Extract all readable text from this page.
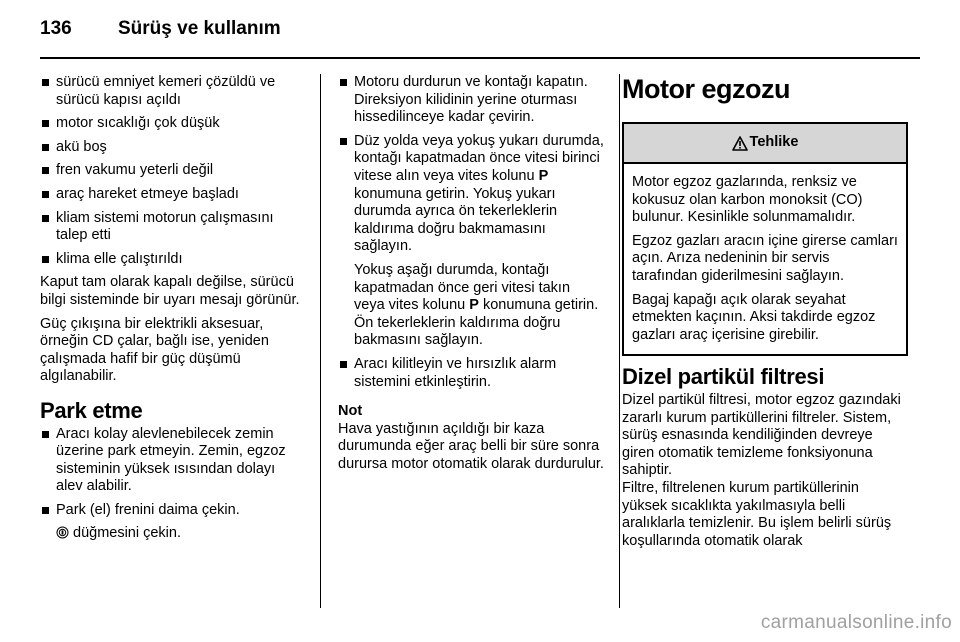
136 Sürüş ve kullanım
sürücü emniyet kemeri çözüldü ve sürücü kapısı açıldı
motor sıcaklığı çok düşük
akü boş
fren vakumu yeterli değil
araç hareket etmeye başladı
kliam sistemi motorun çalışmasını talep etti
klima elle çalıştırıldı

Kaput tam olarak kapalı değilse, sürücü bilgi sisteminde bir uyarı mesajı görünür.

Güç çıkışına bir elektrikli aksesuar, örneğin CD çalar, bağlı ise, yeniden çalışmada hafif bir güç düşümü algılanabilir.

Park etme
Aracı kolay alevlenebilecek zemin üzerine park etmeyin. Zemin, egzoz sisteminin yüksek ısısından dolayı alev alabilir.
Park (el) frenini daima çekin.

düğmesini çekin.

Motoru durdurun ve kontağı kapatın. Direksiyon kilidinin yerine oturması hissedilinceye kadar çevirin.
Düz yolda veya yokuş yukarı durumda, kontağı kapatmadan önce vitesi birinci vitese alın veya vites kolunu P konumuna getirin. Yokuş yukarı durumda ayrıca ön tekerleklerin kaldırıma doğru bakmamasını sağlayın.

Yokuş aşağı durumda, kontağı kapatmadan önce geri vitesi takın veya vites kolunu P konumuna getirin. Ön tekerleklerin kaldırıma doğru bakmasını sağlayın.

Aracı kilitleyin ve hırsızlık alarm sistemini etkinleştirin.

Not

Hava yastığının açıldığı bir kaza durumunda eğer araç belli bir süre sonra durursa motor otomatik olarak durdurulur.

Motor egzozu
Tehlike

Motor egzoz gazlarında, renksiz ve kokusuz olan karbon monoksit (CO) bulunur. Kesinlikle solunmamalıdır.

Egzoz gazları aracın içine girerse camları açın. Arıza nedeninin bir servis tarafından giderilmesini sağlayın.

Bagaj kapağı açık olarak seyahat etmekten kaçının. Aksi takdirde egzoz gazları araç içerisine girebilir.

Dizel partikül filtresi

Dizel partikül filtresi, motor egzoz gazındaki zararlı kurum partiküllerini filtreler. Sistem, sürüş esnasında kendiliğinden devreye giren otomatik temizleme fonksiyonuna sahiptir.

Filtre, filtrelenen kurum partiküllerinin yüksek sıcaklıkta yakılmasıyla belli aralıklarla temizlenir. Bu işlem belirli sürüş koşullarında otomatik olarak

carmanualsonline.info
